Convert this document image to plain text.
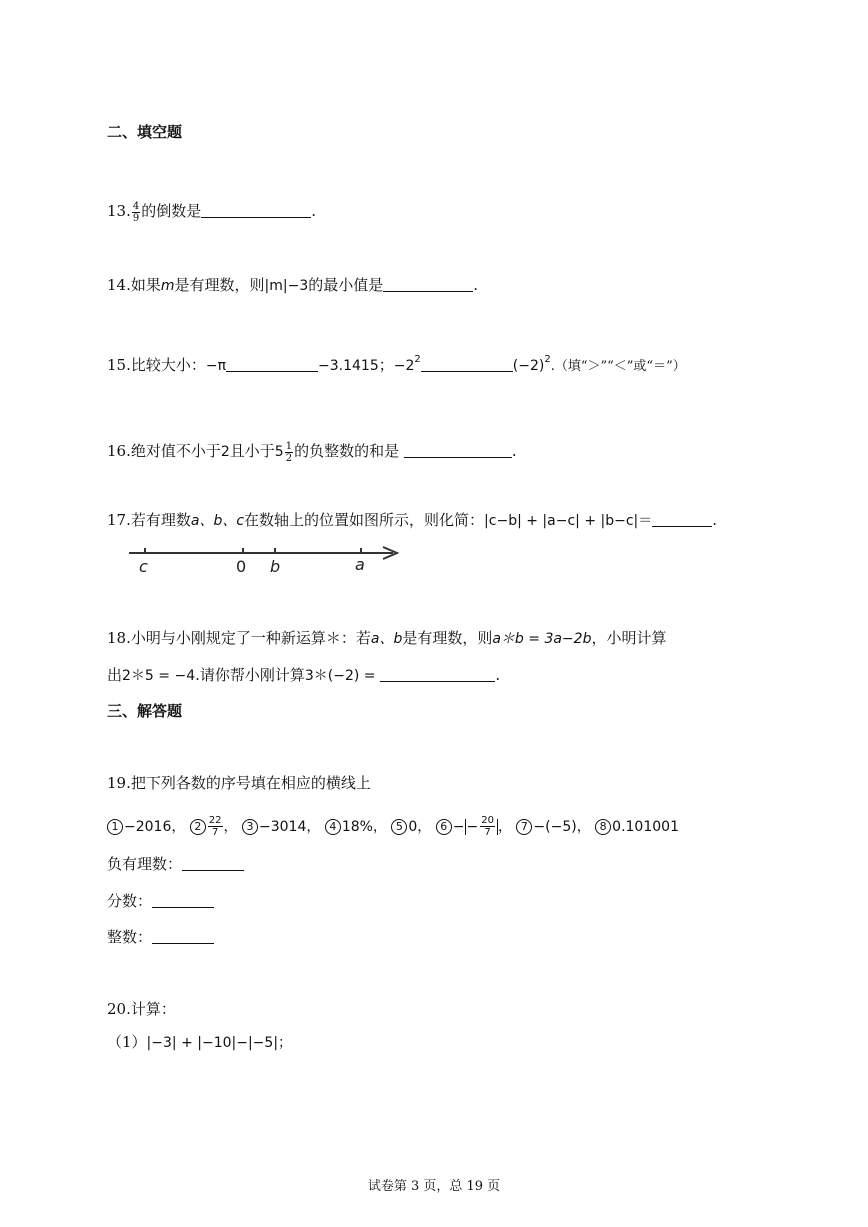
二、填空题
13. $\frac{4}{9}$ 的倒数是	.
14.如果m是有理数，则|m|−3的最小值是	.
15.比较大小：−π	−3.1415；$-2^2$	$(-2)^2$.（填“＞”“＜”或“＝”）
16.绝对值不小于2且小于$5 \frac{1}{2}$ 的负整数的和是	.
17.若有理数a、b、c在数轴上的位置如图所示，则化简：|c−b| + |a−c| + |b−c|＝	.
c	0 b	a
18.小明与小刚规定了一种新运算＊：若a、b是有理数，则a＊b = 3a−2b，小明计算
出2＊5 = −4.请你帮小刚计算3＊(−2) =	.
三、解答题
19.把下列各数的序号填在相应的横线上
1 −2016， $2 \frac{22}{7}$ ， 3 −3014， 4 18%， 5 0， 6 − − $\frac{20}{7}$ ， 7 −(−5)， 8 0.101001
负有理数：
分数：
整数：
20.计算：
（1）|−3| + |−10|−|−5|；
试卷第 3 页，总 19 页
